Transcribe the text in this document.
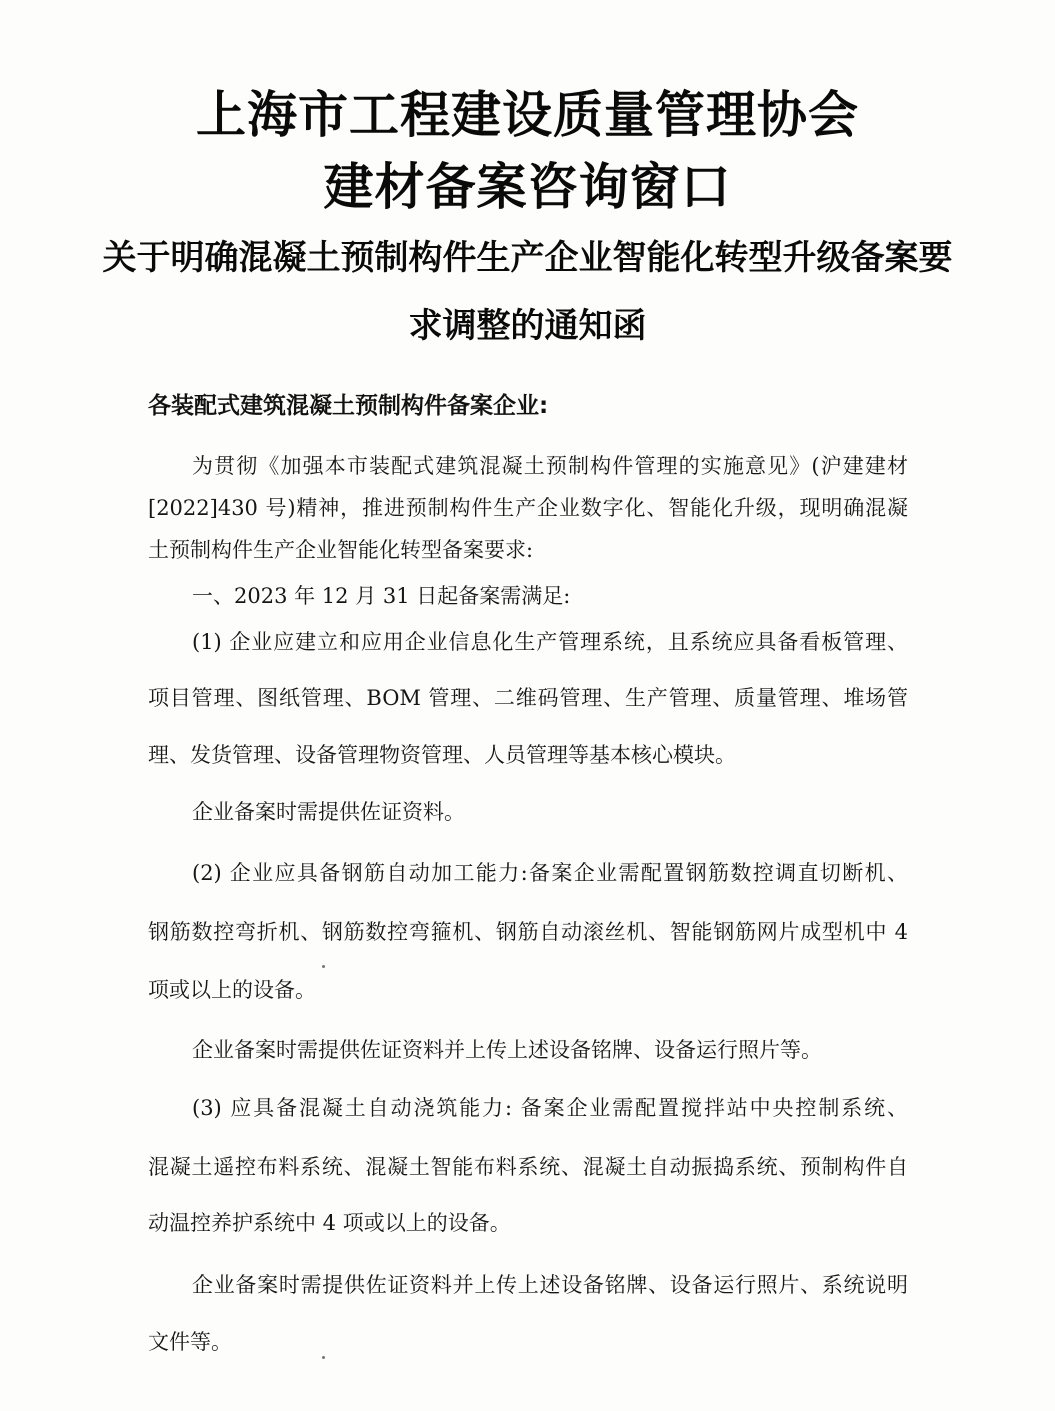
上海市工程建设质量管理协会
建材备案咨询窗口
关于明确混凝土预制构件生产企业智能化转型升级备案要
求调整的通知函
各装配式建筑混凝土预制构件备案企业:
为贯彻《加强本市装配式建筑混凝土预制构件管理的实施意见》(沪建建材
[2022]430 号)精神，推进预制构件生产企业数字化、智能化升级，现明确混凝
土预制构件生产企业智能化转型备案要求:
一、2023 年 12 月 31 日起备案需满足:
(1) 企业应建立和应用企业信息化生产管理系统，且系统应具备看板管理、
项目管理、图纸管理、BOM 管理、二维码管理、生产管理、质量管理、堆场管
理、发货管理、设备管理物资管理、人员管理等基本核心模块。
企业备案时需提供佐证资料。
(2) 企业应具备钢筋自动加工能力:备案企业需配置钢筋数控调直切断机、
钢筋数控弯折机、钢筋数控弯箍机、钢筋自动滚丝机、智能钢筋网片成型机中 4
项或以上的设备。
企业备案时需提供佐证资料并上传上述设备铭牌、设备运行照片等。
(3) 应具备混凝土自动浇筑能力: 备案企业需配置搅拌站中央控制系统、
混凝土遥控布料系统、混凝土智能布料系统、混凝土自动振捣系统、预制构件自
动温控养护系统中 4 项或以上的设备。
企业备案时需提供佐证资料并上传上述设备铭牌、设备运行照片、系统说明
文件等。
